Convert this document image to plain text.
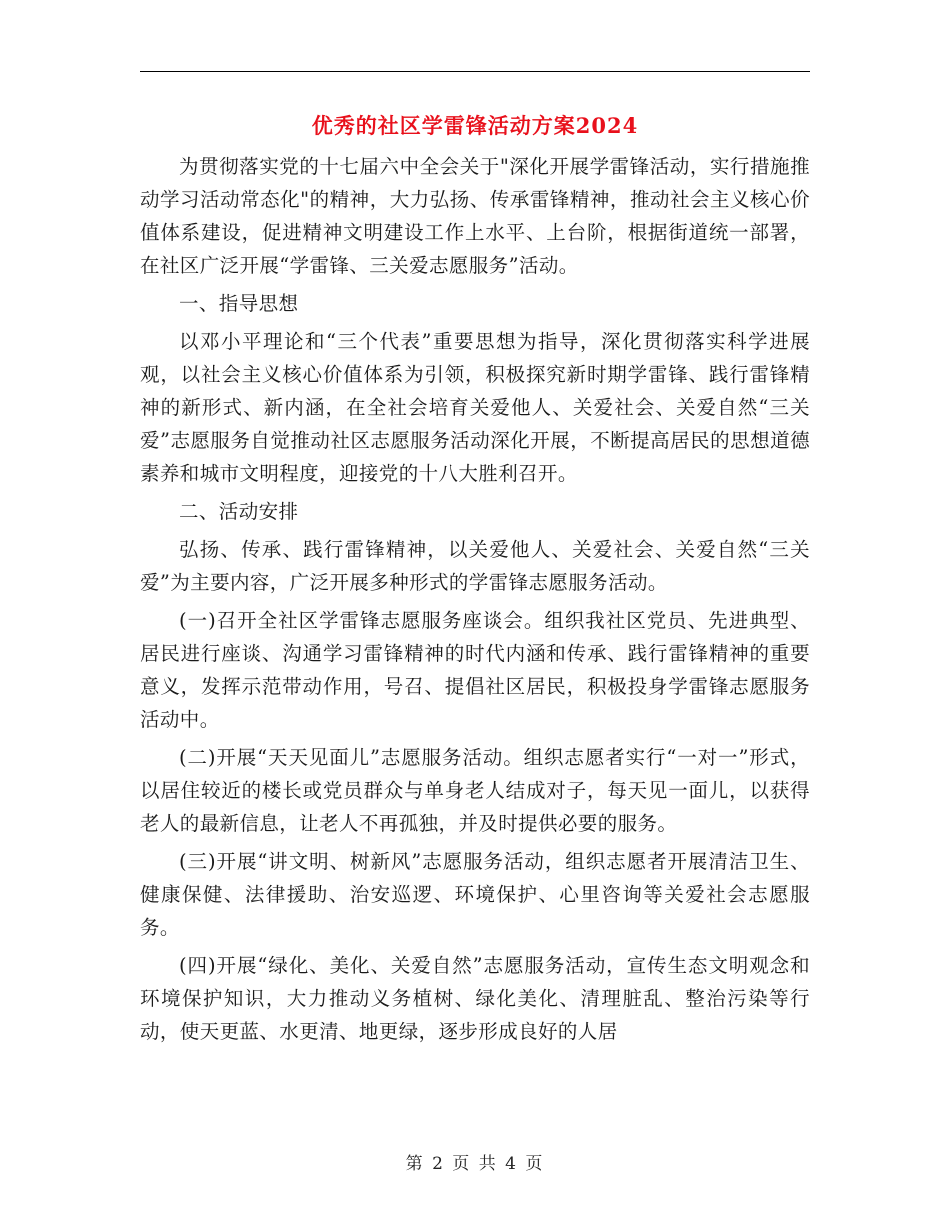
优秀的社区学雷锋活动方案2024

为贯彻落实党的十七届六中全会关于"深化开展学雷锋活动，实行措施推动学习活动常态化"的精神，大力弘扬、传承雷锋精神，推动社会主义核心价值体系建设，促进精神文明建设工作上水平、上台阶，根据街道统一部署，在社区广泛开展“学雷锋、三关爱志愿服务”活动。

一、指导思想

以邓小平理论和“三个代表”重要思想为指导，深化贯彻落实科学进展观，以社会主义核心价值体系为引领，积极探究新时期学雷锋、践行雷锋精神的新形式、新内涵，在全社会培育关爱他人、关爱社会、关爱自然“三关爱”志愿服务自觉推动社区志愿服务活动深化开展，不断提高居民的思想道德素养和城市文明程度，迎接党的十八大胜利召开。

二、活动安排

弘扬、传承、践行雷锋精神，以关爱他人、关爱社会、关爱自然“三关爱”为主要内容，广泛开展多种形式的学雷锋志愿服务活动。

(一)召开全社区学雷锋志愿服务座谈会。组织我社区党员、先进典型、居民进行座谈、沟通学习雷锋精神的时代内涵和传承、践行雷锋精神的重要意义，发挥示范带动作用，号召、提倡社区居民，积极投身学雷锋志愿服务活动中。

(二)开展“天天见面儿”志愿服务活动。组织志愿者实行“一对一”形式，以居住较近的楼长或党员群众与单身老人结成对子，每天见一面儿，以获得老人的最新信息，让老人不再孤独，并及时提供必要的服务。

(三)开展“讲文明、树新风”志愿服务活动，组织志愿者开展清洁卫生、健康保健、法律援助、治安巡逻、环境保护、心里咨询等关爱社会志愿服务。

(四)开展“绿化、美化、关爱自然”志愿服务活动，宣传生态文明观念和环境保护知识，大力推动义务植树、绿化美化、清理脏乱、整治污染等行动，使天更蓝、水更清、地更绿，逐步形成良好的人居

第 2 页 共 4 页
